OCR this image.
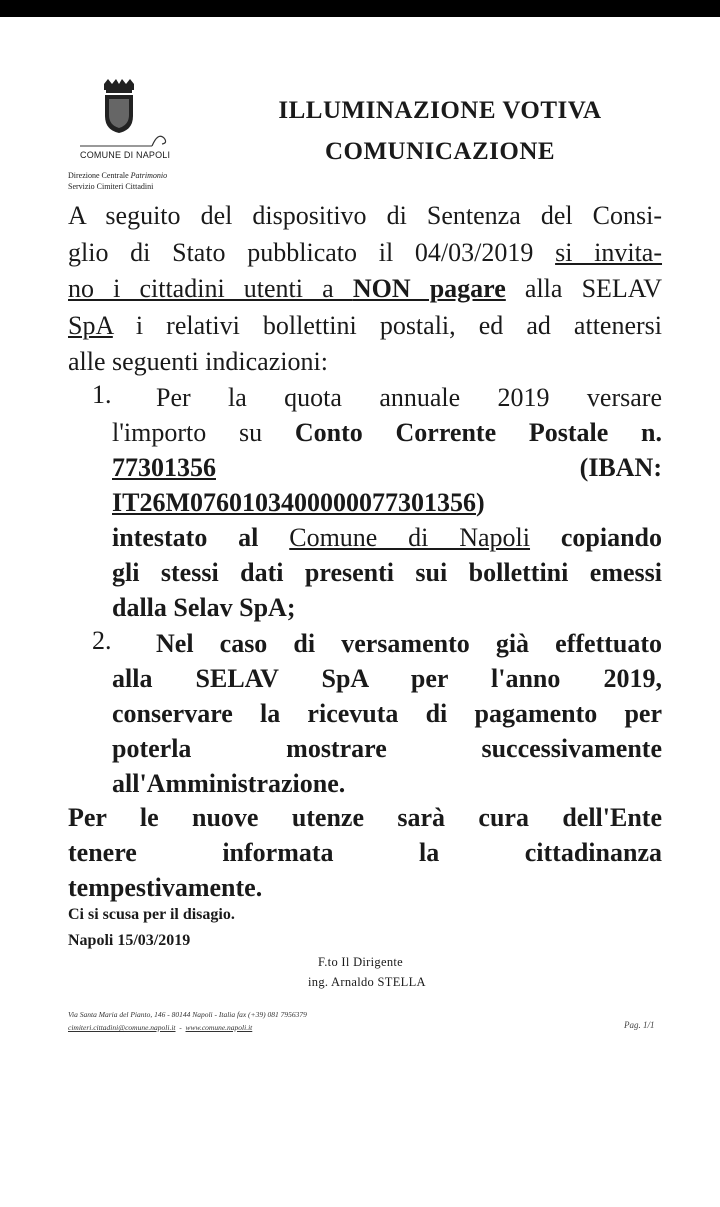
COMUNE DI NAPOLI
Direzione Centrale Patrimonio
Servizio Cimiteri Cittadini
ILLUMINAZIONE VOTIVA
COMUNICAZIONE
A seguito del dispositivo di Sentenza del Consi-
glio di Stato pubblicato il 04/03/2019 si invita-
no i cittadini utenti a NON pagare alla SELAV
SpA i relativi bollettini postali, ed ad attenersi
alle seguenti indicazioni:
1.	Per la quota annuale 2019 versare
l'importo su Conto Corrente Postale n.
77301356	(IBAN:
IT26M0760103400000077301356)
intestato al Comune di Napoli copiando
gli stessi dati presenti sui bollettini emessi
dalla Selav SpA;
2.	Nel caso di versamento già effettuato
alla SELAV SpA per l'anno 2019,
conservare la ricevuta di pagamento per
poterla mostrare successivamente
all'Amministrazione.
Per le nuove utenze sarà cura dell'Ente
tenere informata la cittadinanza
tempestivamente.
Ci si scusa per il disagio.
Napoli 15/03/2019
F.to Il Dirigente
ing. Arnaldo STELLA
Via Santa Maria del Pianto, 146 - 80144 Napoli - Italia fax (+39) 081 7956379
cimiteri.cittadini@comune.napoli.it  -  www.comune.napoli.it	Pag. 1/1
